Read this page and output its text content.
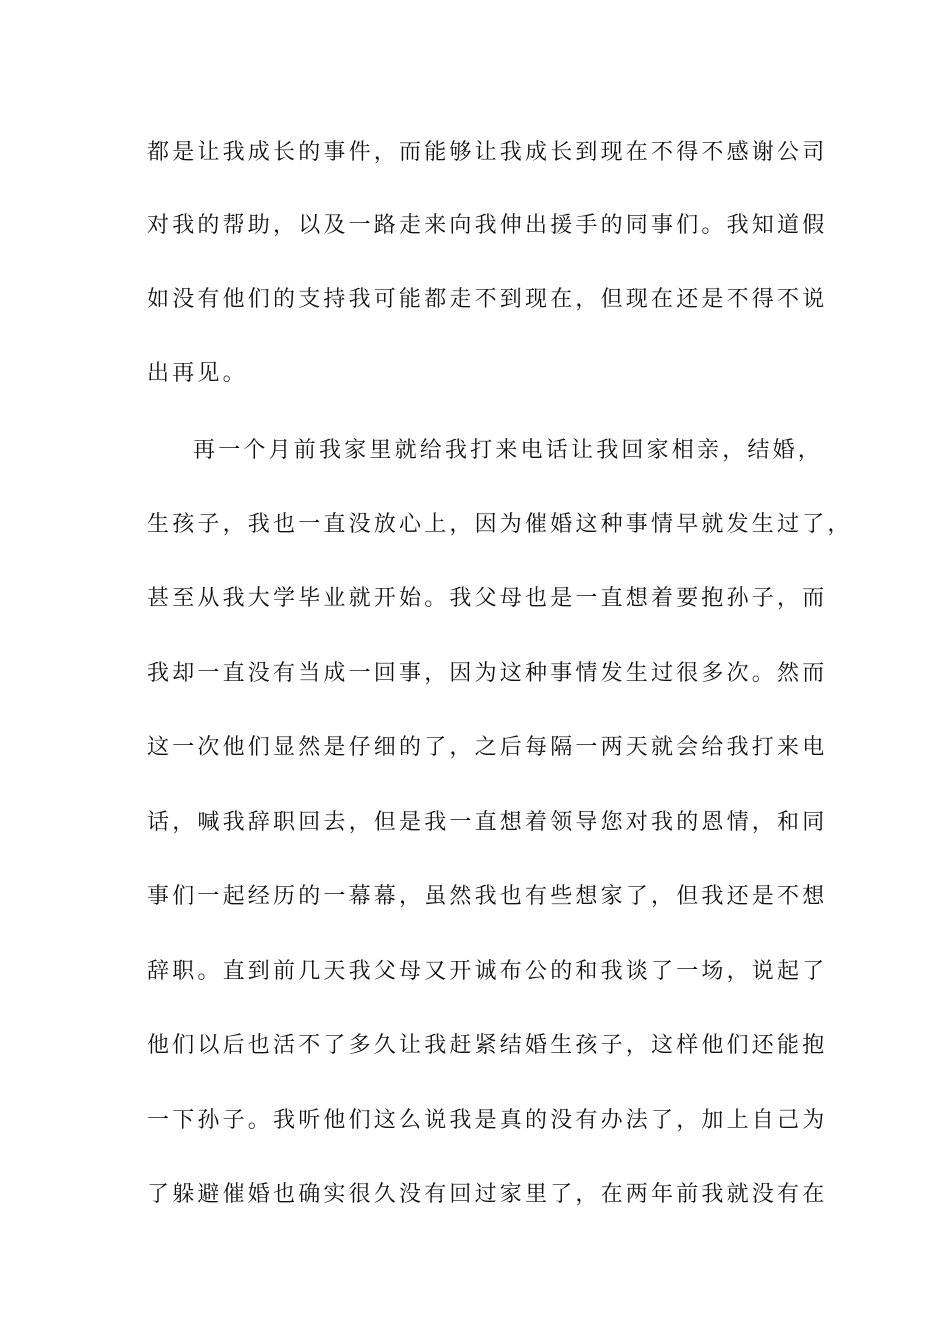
都是让我成长的事件，而能够让我成长到现在不得不感谢公司
对我的帮助，以及一路走来向我伸出援手的同事们。我知道假
如没有他们的支持我可能都走不到现在，但现在还是不得不说
出再见。
再一个月前我家里就给我打来电话让我回家相亲，结婚，
生孩子，我也一直没放心上，因为催婚这种事情早就发生过了，
甚至从我大学毕业就开始。我父母也是一直想着要抱孙子，而
我却一直没有当成一回事，因为这种事情发生过很多次。然而
这一次他们显然是仔细的了，之后每隔一两天就会给我打来电
话，喊我辞职回去，但是我一直想着领导您对我的恩情，和同
事们一起经历的一幕幕，虽然我也有些想家了，但我还是不想
辞职。直到前几天我父母又开诚布公的和我谈了一场，说起了
他们以后也活不了多久让我赶紧结婚生孩子，这样他们还能抱
一下孙子。我听他们这么说我是真的没有办法了，加上自己为
了躲避催婚也确实很久没有回过家里了，在两年前我就没有在
